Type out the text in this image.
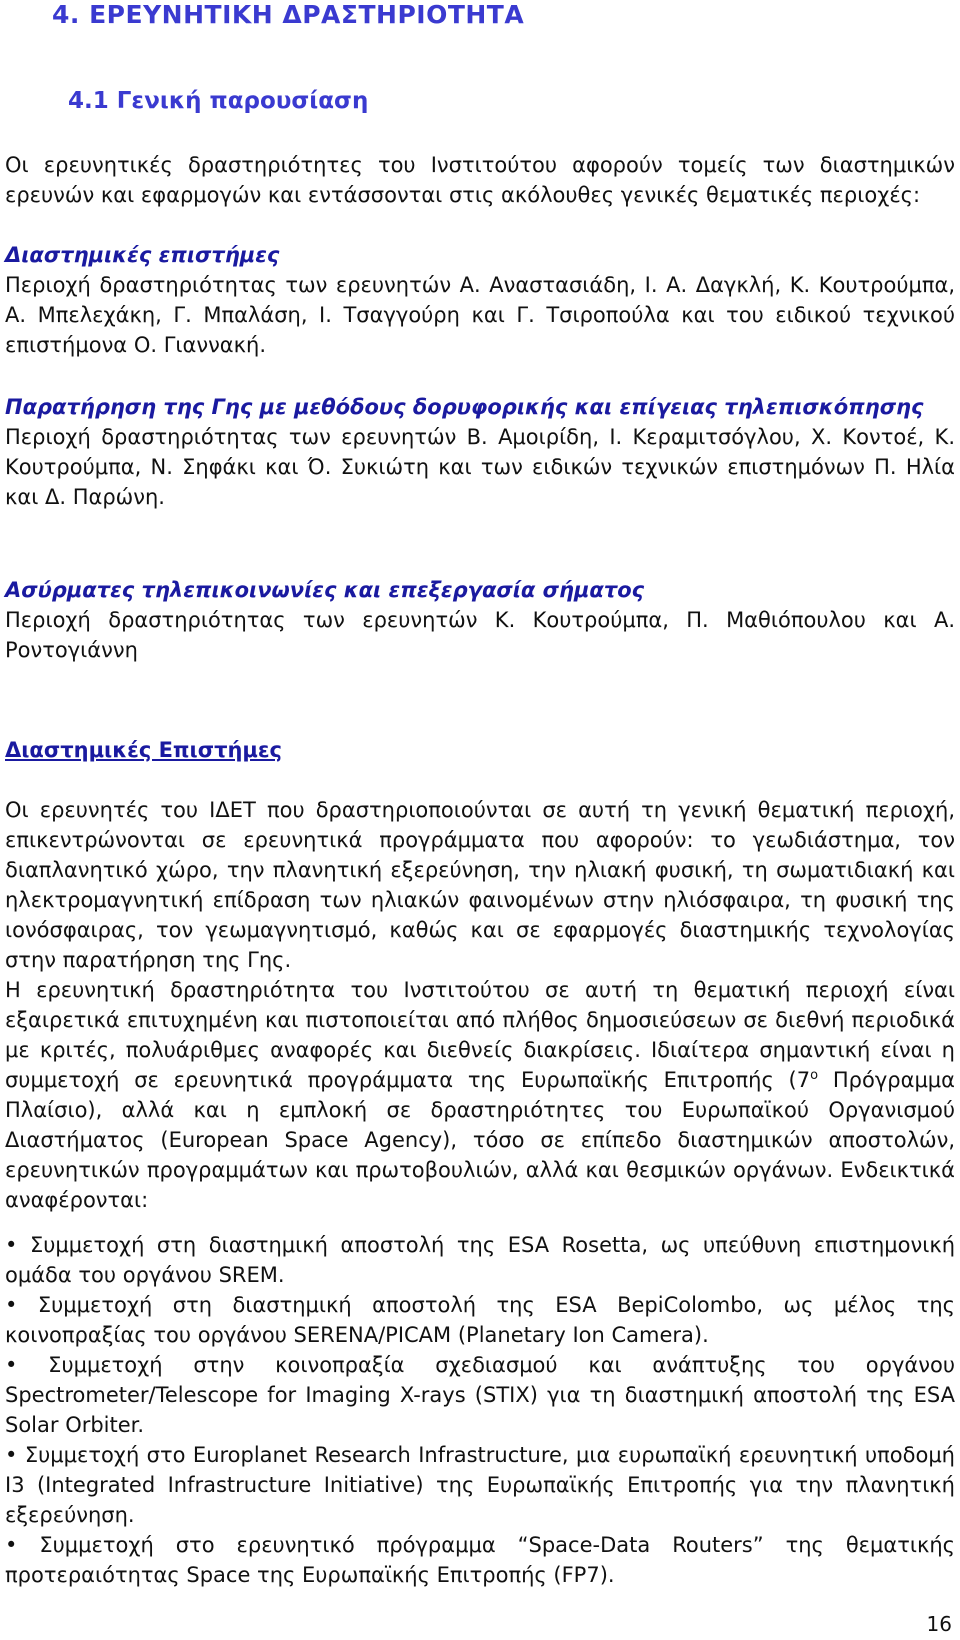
4. ΕΡΕΥΝΗΤΙΚΗ ΔΡΑΣΤΗΡΙΟΤΗΤΑ
4.1 Γενική παρουσίαση

Οι ερευνητικές δραστηριότητες του Ινστιτούτου αφορούν τομείς των διαστημικών ερευνών και εφαρμογών και εντάσσονται στις ακόλουθες γενικές θεματικές περιοχές:

Διαστημικές επιστήμες
Περιοχή δραστηριότητας των ερευνητών Α. Αναστασιάδη, Ι. Α. Δαγκλή, Κ. Κουτρούμπα, Α. Μπελεχάκη, Γ. Μπαλάση, Ι. Τσαγγούρη και Γ. Τσιροπούλα και του ειδικού τεχνικού επιστήμονα Ο. Γιαννακή.

Παρατήρηση της Γης με μεθόδους δορυφορικής και επίγειας τηλεπισκόπησης
Περιοχή δραστηριότητας των ερευνητών Β. Αμοιρίδη, Ι. Κεραμιτσόγλου, Χ. Κοντοέ, Κ. Κουτρούμπα, Ν. Σηφάκι και Ό. Συκιώτη και των ειδικών τεχνικών επιστημόνων Π. Ηλία και Δ. Παρώνη.

Ασύρματες τηλεπικοινωνίες και επεξεργασία σήματος
Περιοχή δραστηριότητας των ερευνητών Κ. Κουτρούμπα, Π. Μαθιόπουλου και Α. Ροντογιάννη

Διαστημικές Επιστήμες

Οι ερευνητές του ΙΔΕΤ που δραστηριοποιούνται σε αυτή τη γενική θεματική περιοχή, επικεντρώνονται σε ερευνητικά προγράμματα που αφορούν: το γεωδιάστημα, τον διαπλανητικό χώρο, την πλανητική εξερεύνηση, την ηλιακή φυσική, τη σωματιδιακή και ηλεκτρομαγνητική επίδραση των ηλιακών φαινομένων στην ηλιόσφαιρα, τη φυσική της ιονόσφαιρας, τον γεωμαγνητισμό, καθώς και σε εφαρμογές διαστημικής τεχνολογίας στην παρατήρηση της Γης.

Η ερευνητική δραστηριότητα του Ινστιτούτου σε αυτή τη θεματική περιοχή είναι εξαιρετικά επιτυχημένη και πιστοποιείται από πλήθος δημοσιεύσεων σε διεθνή περιοδικά με κριτές, πολυάριθμες αναφορές και διεθνείς διακρίσεις. Ιδιαίτερα σημαντική είναι η συμμετοχή σε ερευνητικά προγράμματα της Ευρωπαϊκής Επιτροπής ($7^o$ Πρόγραμμα Πλαίσιο), αλλά και η εμπλοκή σε δραστηριότητες του Ευρωπαϊκού Οργανισμού Διαστήματος (European Space Agency), τόσο σε επίπεδο διαστημικών αποστολών, ερευνητικών προγραμμάτων και πρωτοβουλιών, αλλά και θεσμικών οργάνων. Ενδεικτικά αναφέρονται:

• Συμμετοχή στη διαστημική αποστολή της ESA Rosetta, ως υπεύθυνη επιστημονική ομάδα του οργάνου SREM.

• Συμμετοχή στη διαστημική αποστολή της ESA BepiColombo, ως μέλος της κοινοπραξίας του οργάνου SERENA/PICAM (Planetary Ion Camera).

• Συμμετοχή στην κοινοπραξία σχεδιασμού και ανάπτυξης του οργάνου Spectrometer/Telescope for Imaging X-rays (STIX) για τη διαστημική αποστολή της ESA Solar Orbiter.

• Συμμετοχή στο Europlanet Research Infrastructure, μια ευρωπαϊκή ερευνητική υποδομή I3 (Integrated Infrastructure Initiative) της Ευρωπαϊκής Επιτροπής για την πλανητική εξερεύνηση.

• Συμμετοχή στο ερευνητικό πρόγραμμα “Space-Data Routers” της θεματικής προτεραιότητας Space της Ευρωπαϊκής Επιτροπής (FP7).

16
